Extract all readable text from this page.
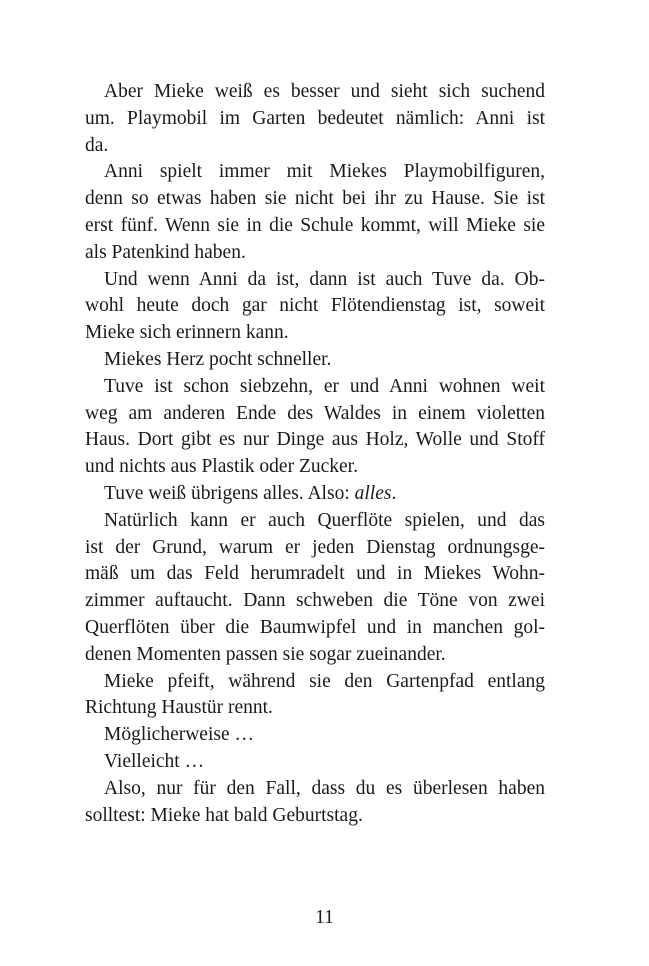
Aber Mieke weiß es besser und sieht sich suchend
um. Playmobil im Garten bedeutet nämlich: Anni ist
da.
Anni spielt immer mit Miekes Playmobilfiguren,
denn so etwas haben sie nicht bei ihr zu Hause. Sie ist
erst fünf. Wenn sie in die Schule kommt, will Mieke sie
als Patenkind haben.
Und wenn Anni da ist, dann ist auch Tuve da. Ob-
wohl heute doch gar nicht Flötendienstag ist, soweit
Mieke sich erinnern kann.
Miekes Herz pocht schneller.
Tuve ist schon siebzehn, er und Anni wohnen weit
weg am anderen Ende des Waldes in einem violetten
Haus. Dort gibt es nur Dinge aus Holz, Wolle und Stoff
und nichts aus Plastik oder Zucker.
Tuve weiß übrigens alles. Also: alles.
Natürlich kann er auch Querflöte spielen, und das
ist der Grund, warum er jeden Dienstag ordnungsge-
mäß um das Feld herumradelt und in Miekes Wohn-
zimmer auftaucht. Dann schweben die Töne von zwei
Querflöten über die Baumwipfel und in manchen gol-
denen Momenten passen sie sogar zueinander.
Mieke pfeift, während sie den Gartenpfad entlang
Richtung Haustür rennt.
Möglicherweise …
Vielleicht …
Also, nur für den Fall, dass du es überlesen haben
solltest: Mieke hat bald Geburtstag.
11
